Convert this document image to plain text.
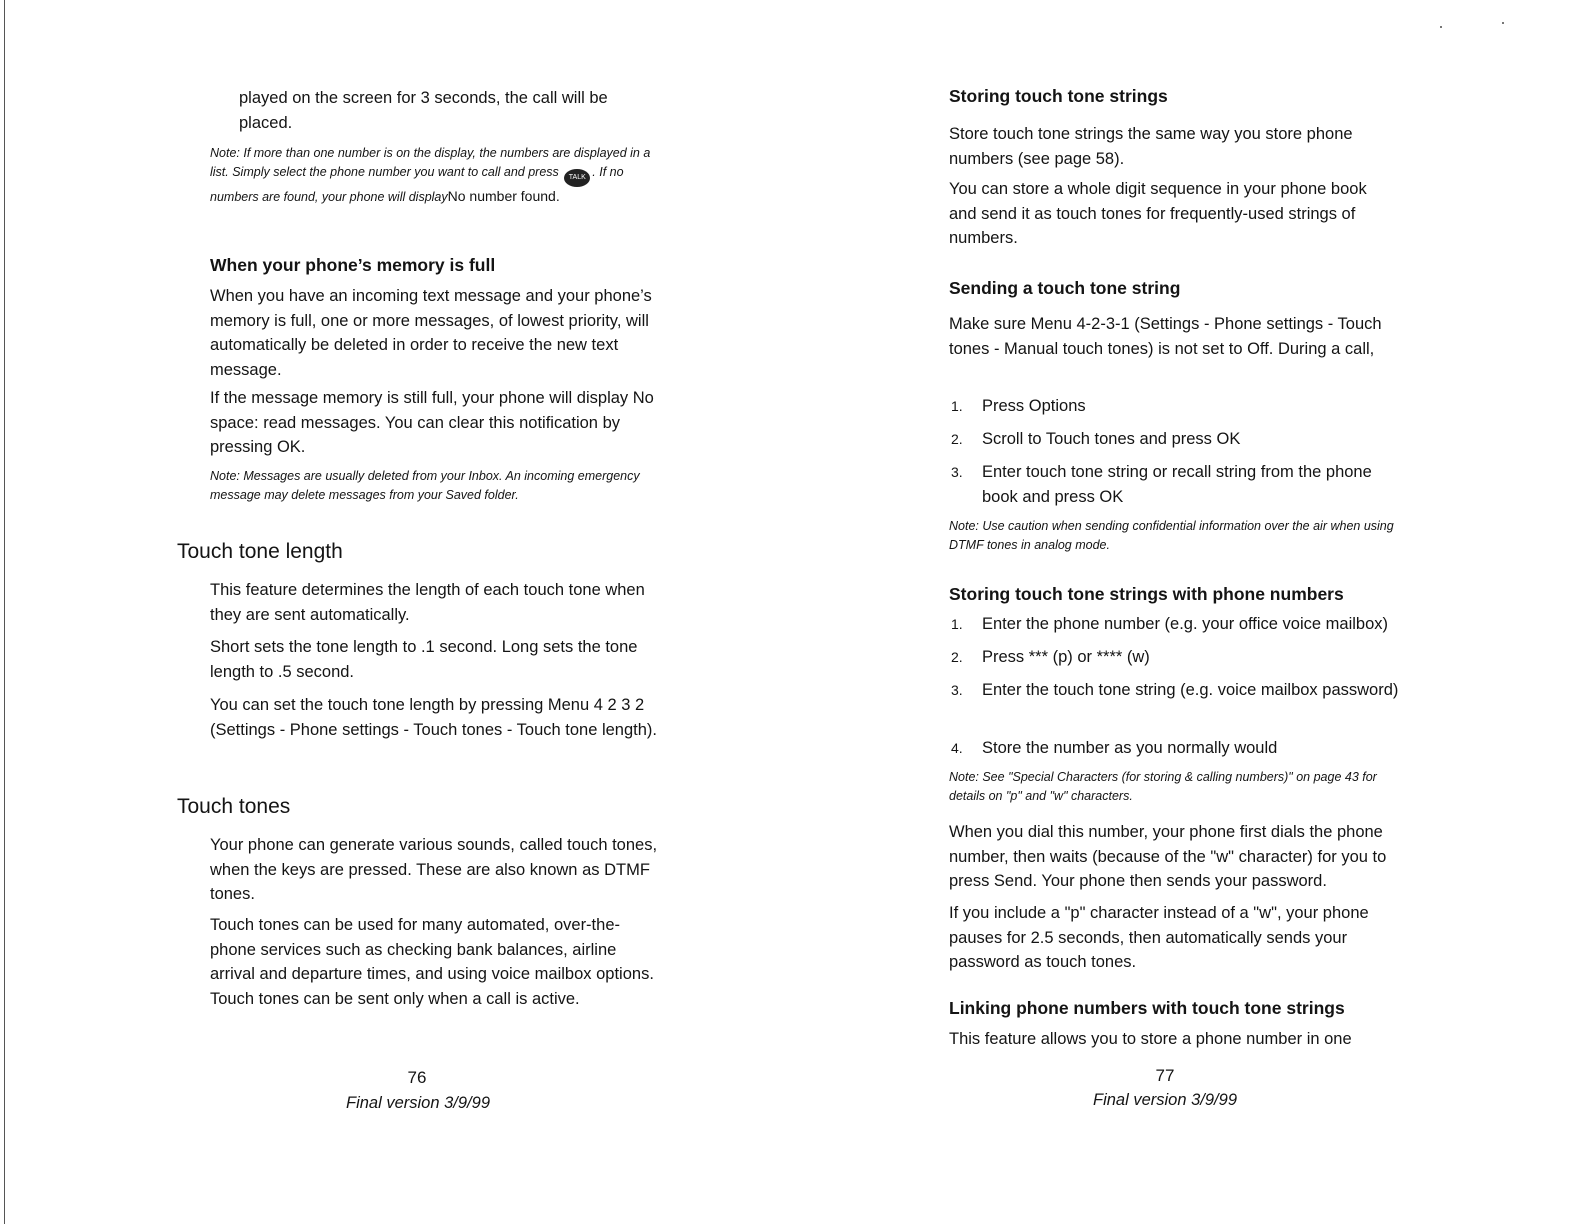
played on the screen for 3 seconds, the call will be placed.

Note: If more than one number is on the display, the numbers are displayed in a list. Simply select the phone number you want to call and press TALK . If no numbers are found, your phone will displayNo number found.

When your phone’s memory is full

When you have an incoming text message and your phone’s memory is full, one or more messages, of lowest priority, will automatically be deleted in order to receive the new text message.

If the message memory is still full, your phone will display No space: read messages. You can clear this notification by pressing OK.

Note: Messages are usually deleted from your Inbox. An incoming emergency message may delete messages from your Saved folder.

Touch tone length

This feature determines the length of each touch tone when they are sent automatically.

Short sets the tone length to .1 second. Long sets the tone length to .5 second.

You can set the touch tone length by pressing Menu 4 2 3 2 (Settings - Phone settings - Touch tones - Touch tone length).

Touch tones

Your phone can generate various sounds, called touch tones, when the keys are pressed. These are also known as DTMF tones.

Touch tones can be used for many automated, over-the-phone services such as checking bank balances, airline arrival and departure times, and using voice mailbox options. Touch tones can be sent only when a call is active.

76
Final version 3/9/99
Storing touch tone strings

Store touch tone strings the same way you store phone numbers (see page 58).

You can store a whole digit sequence in your phone book and send it as touch tones for frequently-used strings of numbers.

Sending a touch tone string

Make sure Menu 4-2-3-1 (Settings - Phone settings - Touch tones - Manual touch tones) is not set to Off. During a call,

1. Press Options
2. Scroll to Touch tones and press OK
3. Enter touch tone string or recall string from the phone book and press OK

Note: Use caution when sending confidential information over the air when using DTMF tones in analog mode.

Storing touch tone strings with phone numbers
1. Enter the phone number (e.g. your office voice mailbox)
2. Press *** (p) or **** (w)
3. Enter the touch tone string (e.g. voice mailbox password)
4. Store the number as you normally would

Note: See "Special Characters (for storing & calling numbers)" on page 43 for details on "p" and "w" characters.

When you dial this number, your phone first dials the phone number, then waits (because of the "w" character) for you to press Send. Your phone then sends your password.

If you include a "p" character instead of a "w", your phone pauses for 2.5 seconds, then automatically sends your password as touch tones.

Linking phone numbers with touch tone strings

This feature allows you to store a phone number in one

77
Final version 3/9/99
